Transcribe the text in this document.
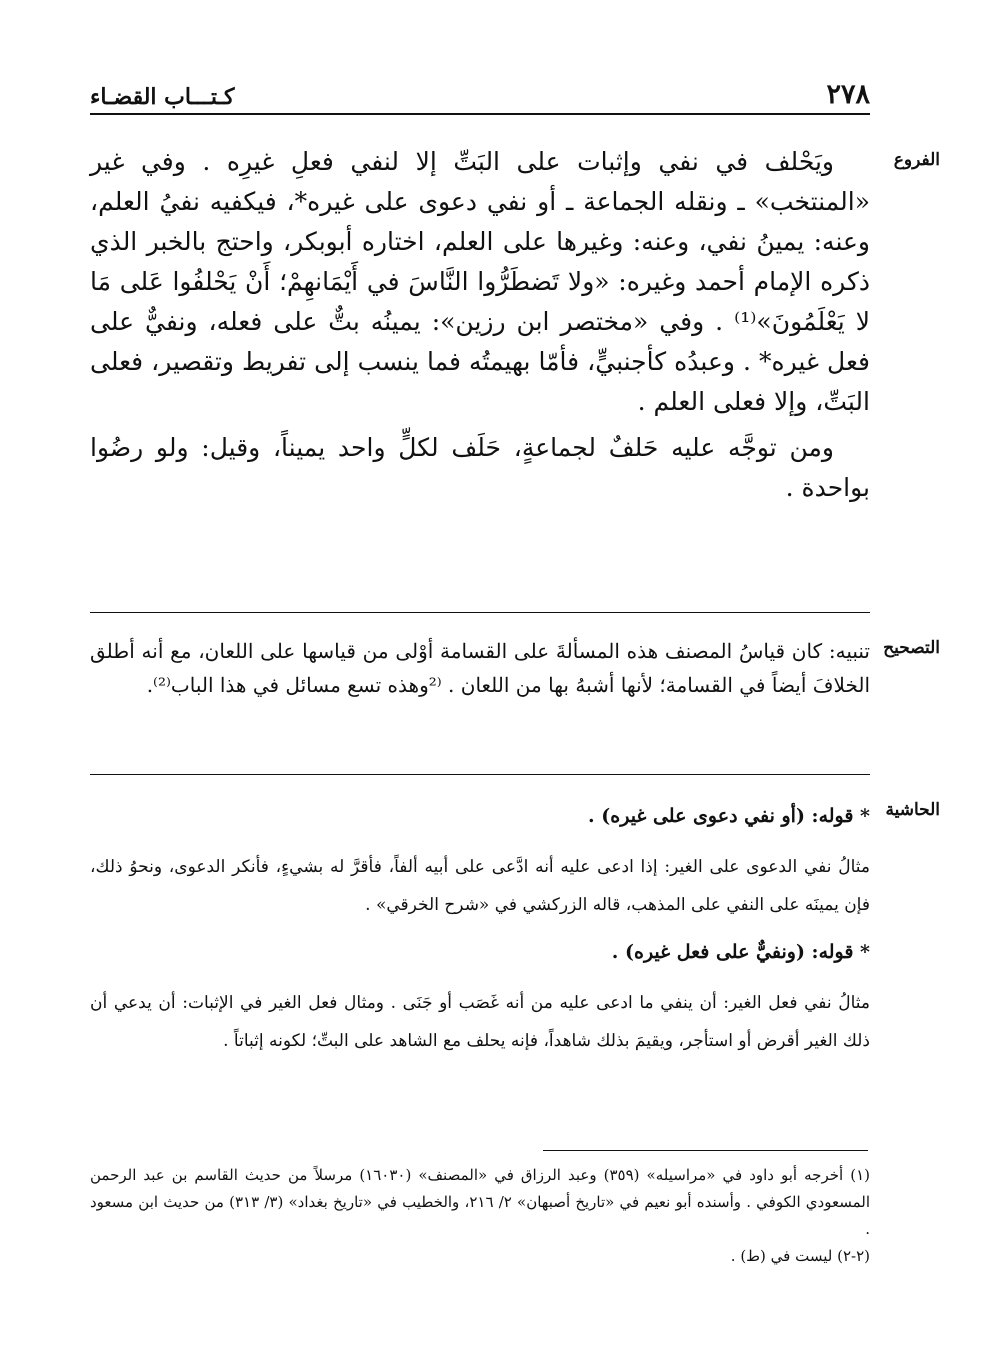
٢٧٨
كـتـــاب القضـاء
الفروع

ويَحْلف في نفي وإثبات على البَتِّ إلا لنفي فعلِ غيرِه . وفي غير «المنتخب» ـ ونقله الجماعة ـ أو نفي دعوى على غيره*، فيكفيه نفيُ العلم، وعنه: يمينُ نفي، وعنه: وغيرها على العلم، اختاره أبوبكر، واحتج بالخبر الذي ذكره الإمام أحمد وغيره: «ولا تَضطَرُّوا النَّاسَ في أَيْمَانهِمْ؛ أَنْ يَحْلفُوا عَلى مَا لا يَعْلَمُونَ»⁽¹⁾ . وفي «مختصر ابن رزين»: يمينُه بتٌّ على فعله، ونفيٌّ على فعل غيره* . وعبدُه كأجنبيٍّ، فأمّا بهيمتُه فما ينسب إلى تفريط وتقصير، فعلى البَتِّ، وإلا فعلى العلم .

ومن توجَّه عليه حَلفٌ لجماعةٍ، حَلَف لكلٍّ واحد يميناً، وقيل: ولو رضُوا بواحدة .

التصحيح

تنبيه: كان قياسُ المصنف هذه المسألةَ على القسامة أوْلى من قياسها على اللعان، مع أنه أطلق الخلافَ أيضاً في القسامة؛ لأنها أشبهُ بها من اللعان . ⁽²وهذه تسع مسائل في هذا الباب⁽²⁾.

الحاشية

* قوله: (أو نفي دعوى على غيره) .

مثالُ نفي الدعوى على الغير: إذا ادعى عليه أنه ادَّعى على أبيه ألفاً، فأقرَّ له بشيءٍ، فأنكر الدعوى، ونحوُ ذلك، فإن يمينَه على النفي على المذهب، قاله الزركشي في «شرح الخرقي» .

* قوله: (ونفيٌّ على فعل غيره) .

مثالُ نفي فعل الغير: أن ينفي ما ادعى عليه من أنه غَصَب أو جَنَى . ومثال فعل الغير في الإثبات: أن يدعي أن ذلك الغير أقرض أو استأجر، ويقيمَ بذلك شاهداً، فإنه يحلف مع الشاهد على البتِّ؛ لكونه إثباتاً .

(١) أخرجه أبو داود في «مراسيله» (٣٥٩) وعبد الرزاق في «المصنف» (١٦٠٣٠) مرسلاً من حديث القاسم بن عبد الرحمن المسعودي الكوفي . وأسنده أبو نعيم في «تاريخ أصبهان» ٢/ ٢١٦، والخطيب في «تاريخ بغداد» (٣/ ٣١٣) من حديث ابن مسعود .

(٢-٢) ليست في (ط) .
